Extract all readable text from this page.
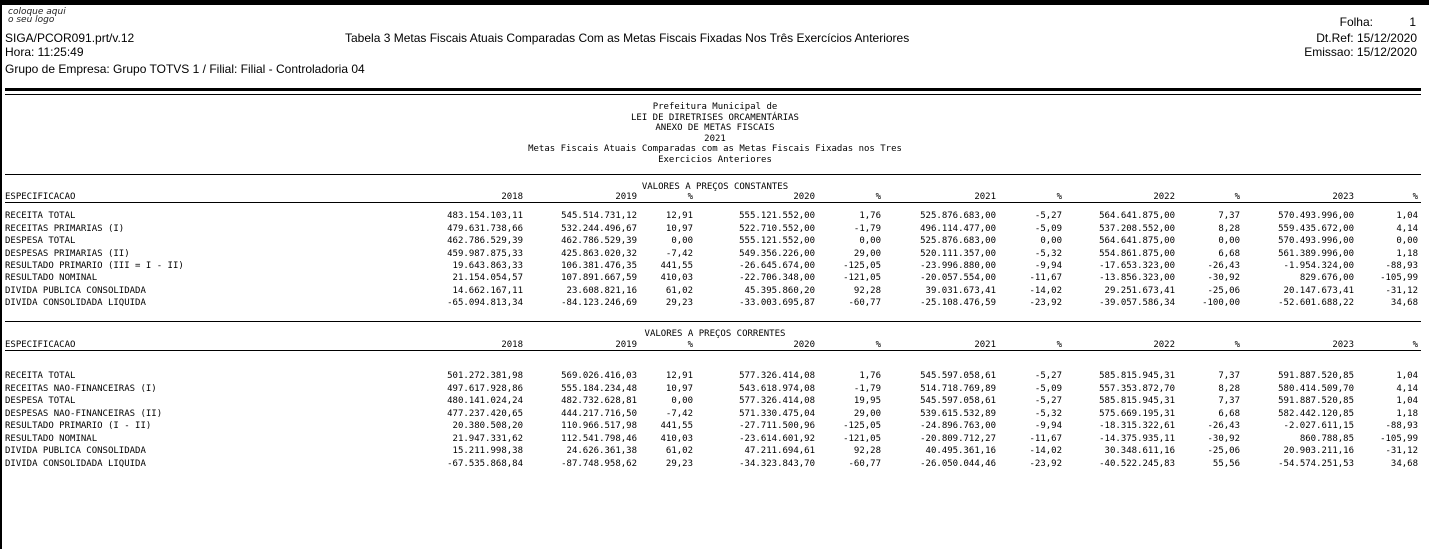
coloque aqui
o seu logo	Folha:	1
SIGA/PCOR091.prt/v.12	Tabela 3 Metas Fiscais Atuais Comparadas Com as Metas Fiscais Fixadas Nos Três Exercícios Anteriores	Dt.Ref: 15/12/2020
Hora: 11:25:49	Emissao: 15/12/2020
Grupo de Empresa: Grupo TOTVS 1 / Filial: Filial - Controladoria 04
Prefeitura Municipal de
LEI DE DIRETRISES ORCAMENTÁRIAS
ANEXO DE METAS FISCAIS
2021
Metas Fiscais Atuais Comparadas com as Metas Fiscais Fixadas nos Tres
Exercicios Anteriores
VALORES A PREÇOS CONSTANTES
ESPECIFICACAO	2018	2019	%	2020	%	2021	%	2022	%	2023	%
RECEITA TOTAL	483.154.103,11	545.514.731,12	12,91	555.121.552,00	1,76	525.876.683,00	-5,27	564.641.875,00	7,37	570.493.996,00	1,04
RECEITAS PRIMARIAS (I)	479.631.738,66	532.244.496,67	10,97	522.710.552,00	-1,79	496.114.477,00	-5,09	537.208.552,00	8,28	559.435.672,00	4,14
DESPESA TOTAL	462.786.529,39	462.786.529,39	0,00	555.121.552,00	0,00	525.876.683,00	0,00	564.641.875,00	0,00	570.493.996,00	0,00
DESPESAS PRIMARIAS (II)	459.987.875,33	425.863.020,32	-7,42	549.356.226,00	29,00	520.111.357,00	-5,32	554.861.875,00	6,68	561.389.996,00	1,18
RESULTADO PRIMARIO (III = I - II)	19.643.863,33	106.381.476,35	441,55	-26.645.674,00	-125,05	-23.996.880,00	-9,94	-17.653.323,00	-26,43	-1.954.324,00	-88,93
RESULTADO NOMINAL	21.154.054,57	107.891.667,59	410,03	-22.706.348,00	-121,05	-20.057.554,00	-11,67	-13.856.323,00	-30,92	829.676,00	-105,99
DIVIDA PUBLICA CONSOLIDADA	14.662.167,11	23.608.821,16	61,02	45.395.860,20	92,28	39.031.673,41	-14,02	29.251.673,41	-25,06	20.147.673,41	-31,12
DIVIDA CONSOLIDADA LIQUIDA	-65.094.813,34	-84.123.246,69	29,23	-33.003.695,87	-60,77	-25.108.476,59	-23,92	-39.057.586,34	-100,00	-52.601.688,22	34,68
VALORES A PREÇOS CORRENTES
ESPECIFICACAO	2018	2019	%	2020	%	2021	%	2022	%	2023	%
RECEITA TOTAL	501.272.381,98	569.026.416,03	12,91	577.326.414,08	1,76	545.597.058,61	-5,27	585.815.945,31	7,37	591.887.520,85	1,04
RECEITAS NAO-FINANCEIRAS (I)	497.617.928,86	555.184.234,48	10,97	543.618.974,08	-1,79	514.718.769,89	-5,09	557.353.872,70	8,28	580.414.509,70	4,14
DESPESA TOTAL	480.141.024,24	482.732.628,81	0,00	577.326.414,08	19,95	545.597.058,61	-5,27	585.815.945,31	7,37	591.887.520,85	1,04
DESPESAS NAO-FINANCEIRAS (II)	477.237.420,65	444.217.716,50	-7,42	571.330.475,04	29,00	539.615.532,89	-5,32	575.669.195,31	6,68	582.442.120,85	1,18
RESULTADO PRIMARIO (I - II)	20.380.508,20	110.966.517,98	441,55	-27.711.500,96	-125,05	-24.896.763,00	-9,94	-18.315.322,61	-26,43	-2.027.611,15	-88,93
RESULTADO NOMINAL	21.947.331,62	112.541.798,46	410,03	-23.614.601,92	-121,05	-20.809.712,27	-11,67	-14.375.935,11	-30,92	860.788,85	-105,99
DIVIDA PUBLICA CONSOLIDADA	15.211.998,38	24.626.361,38	61,02	47.211.694,61	92,28	40.495.361,16	-14,02	30.348.611,16	-25,06	20.903.211,16	-31,12
DIVIDA CONSOLIDADA LIQUIDA	-67.535.868,84	-87.748.958,62	29,23	-34.323.843,70	-60,77	-26.050.044,46	-23,92	-40.522.245,83	55,56	-54.574.251,53	34,68
